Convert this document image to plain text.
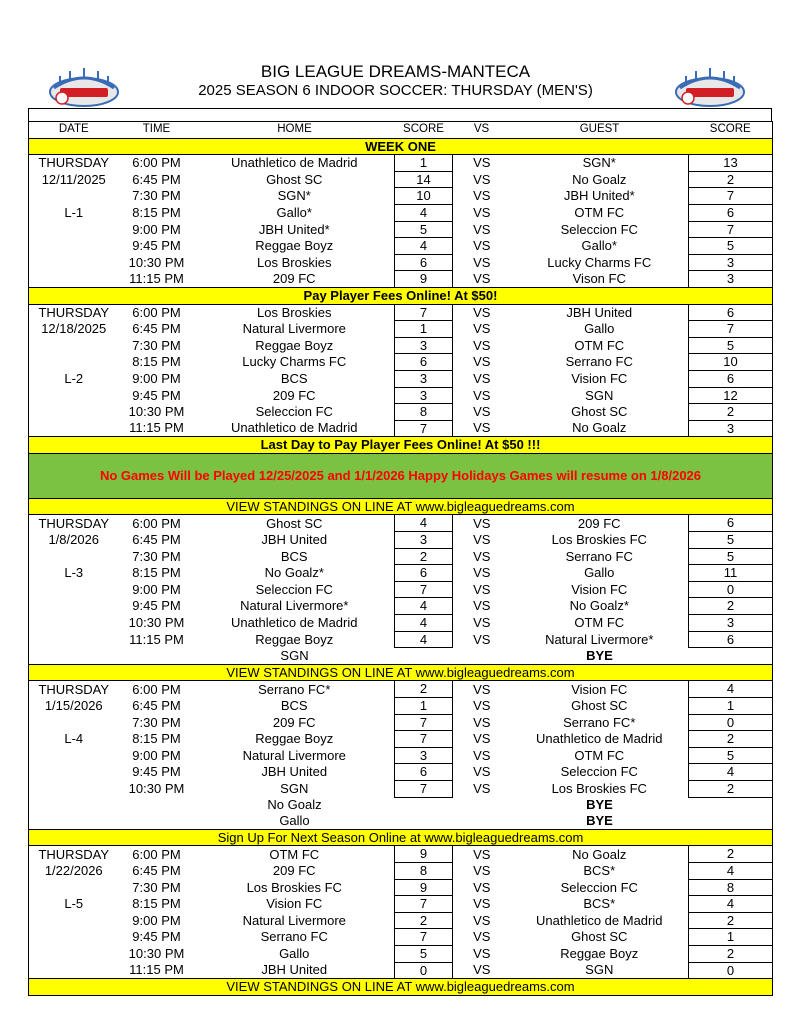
BIG LEAGUE DREAMS-MANTECA
2025 SEASON 6 INDOOR SOCCER: THURSDAY (MEN'S)
DATE	TIME	HOME	SCORE	VS	GUEST	SCORE
WEEK ONE						
THURSDAY	6:00 PM	Unathletico de Madrid	1	VS	SGN*	13
12/11/2025	6:45 PM	Ghost SC	14	VS	No Goalz	2
	7:30 PM	SGN*	10	VS	JBH United*	7
L-1	8:15 PM	Gallo*	4	VS	OTM FC	6
	9:00 PM	JBH United*	5	VS	Seleccion FC	7
	9:45 PM	Reggae Boyz	4	VS	Gallo*	5
	10:30 PM	Los Broskies	6	VS	Lucky Charms FC	3
	11:15 PM	209 FC	9	VS	Vison FC	3
Pay Player Fees Online! At $50!						
THURSDAY	6:00 PM	Los Broskies	7	VS	JBH United	6
12/18/2025	6:45 PM	Natural Livermore	1	VS	Gallo	7
	7:30 PM	Reggae Boyz	3	VS	OTM FC	5
	8:15 PM	Lucky Charms FC	6	VS	Serrano FC	10
L-2	9:00 PM	BCS	3	VS	Vision FC	6
	9:45 PM	209 FC	3	VS	SGN	12
	10:30 PM	Seleccion FC	8	VS	Ghost SC	2
	11:15 PM	Unathletico de Madrid	7	VS	No Goalz	3
Last Day to Pay Player Fees Online! At $50 !!!						
No Games Will be Played 12/25/2025 and 1/1/2026 Happy Holidays Games will resume on 1/8/2026						
VIEW STANDINGS ON LINE AT www.bigleaguedreams.com						
THURSDAY	6:00 PM	Ghost SC	4	VS	209 FC	6
1/8/2026	6:45 PM	JBH United	3	VS	Los Broskies FC	5
	7:30 PM	BCS	2	VS	Serrano FC	5
L-3	8:15 PM	No Goalz*	6	VS	Gallo	11
	9:00 PM	Seleccion FC	7	VS	Vision FC	0
	9:45 PM	Natural Livermore*	4	VS	No Goalz*	2
	10:30 PM	Unathletico de Madrid	4	VS	OTM FC	3
	11:15 PM	Reggae Boyz	4	VS	Natural Livermore*	6
		SGN			BYE	
VIEW STANDINGS ON LINE AT www.bigleaguedreams.com						
THURSDAY	6:00 PM	Serrano FC*	2	VS	Vision FC	4
1/15/2026	6:45 PM	BCS	1	VS	Ghost SC	1
	7:30 PM	209 FC	7	VS	Serrano FC*	0
L-4	8:15 PM	Reggae Boyz	7	VS	Unathletico de Madrid	2
	9:00 PM	Natural Livermore	3	VS	OTM FC	5
	9:45 PM	JBH United	6	VS	Seleccion FC	4
	10:30 PM	SGN	7	VS	Los Broskies FC	2
		No Goalz			BYE	
		Gallo			BYE	
Sign Up For Next Season Online at www.bigleaguedreams.com						
THURSDAY	6:00 PM	OTM FC	9	VS	No Goalz	2
1/22/2026	6:45 PM	209 FC	8	VS	BCS*	4
	7:30 PM	Los Broskies FC	9	VS	Seleccion FC	8
L-5	8:15 PM	Vision FC	7	VS	BCS*	4
	9:00 PM	Natural Livermore	2	VS	Unathletico de Madrid	2
	9:45 PM	Serrano FC	7	VS	Ghost SC	1
	10:30 PM	Gallo	5	VS	Reggae Boyz	2
	11:15 PM	JBH United	0	VS	SGN	0
VIEW STANDINGS ON LINE AT www.bigleaguedreams.com						
